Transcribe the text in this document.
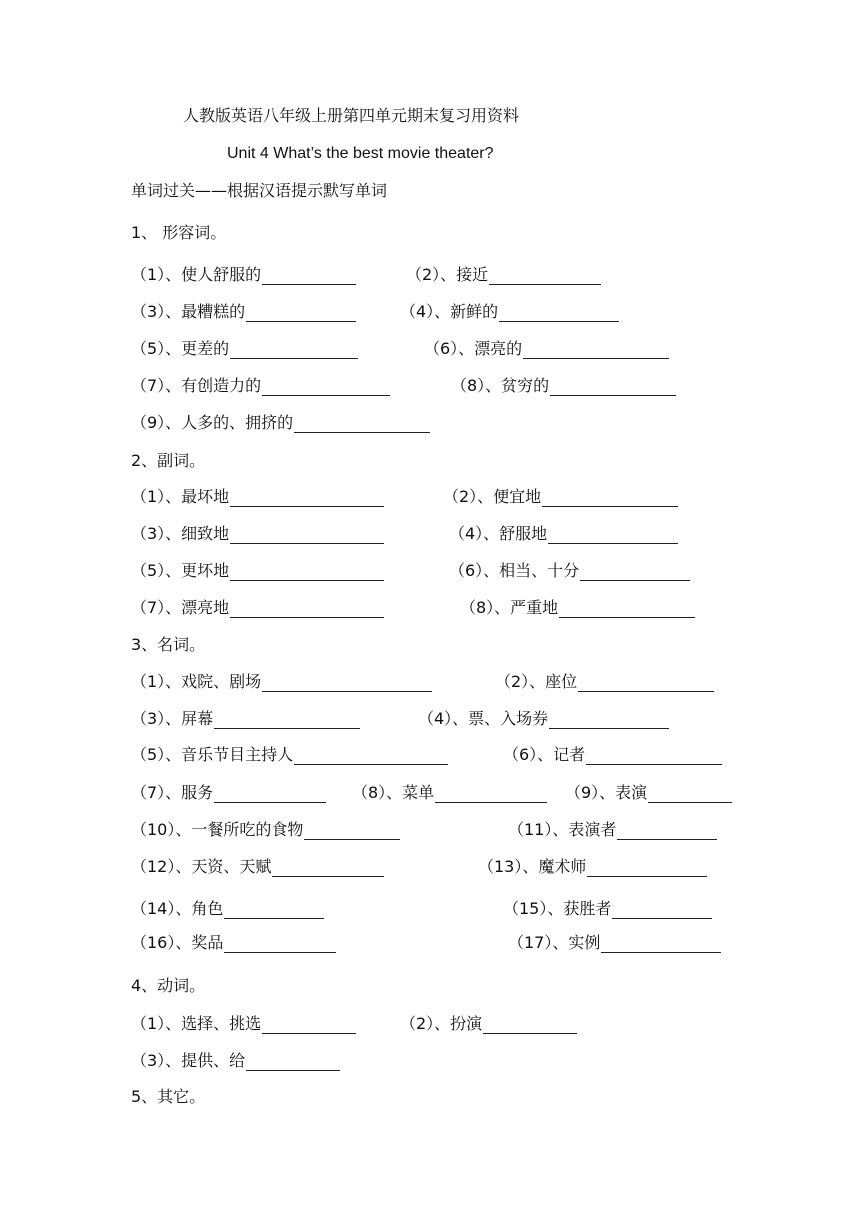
人教版英语八年级上册第四单元期末复习用资料
Unit 4 What’s the best movie theater?
单词过关——根据汉语提示默写单词
1、 形容词。
（1）、使人舒服的	（2）、接近
（3）、最糟糕的	（4）、新鲜的
（5）、更差的	（6）、漂亮的
（7）、有创造力的	（8）、贫穷的
（9）、人多的、拥挤的
2、副词。
（1）、最坏地	（2）、便宜地
（3）、细致地	（4）、舒服地
（5）、更坏地	（6）、相当、十分
（7）、漂亮地	（8）、严重地
3、名词。
（1）、戏院、剧场	（2）、座位
（3）、屏幕	（4）、票、入场券
（5）、音乐节目主持人	（6）、记者
（7）、服务	（8）、菜单	（9）、表演
（10）、一餐所吃的食物	（11）、表演者
（12）、天资、天赋	（13）、魔术师
（14）、角色	（15）、获胜者
（16）、奖品	（17）、实例
4、动词。
（1）、选择、挑选	（2）、扮演
（3）、提供、给
5、其它。
